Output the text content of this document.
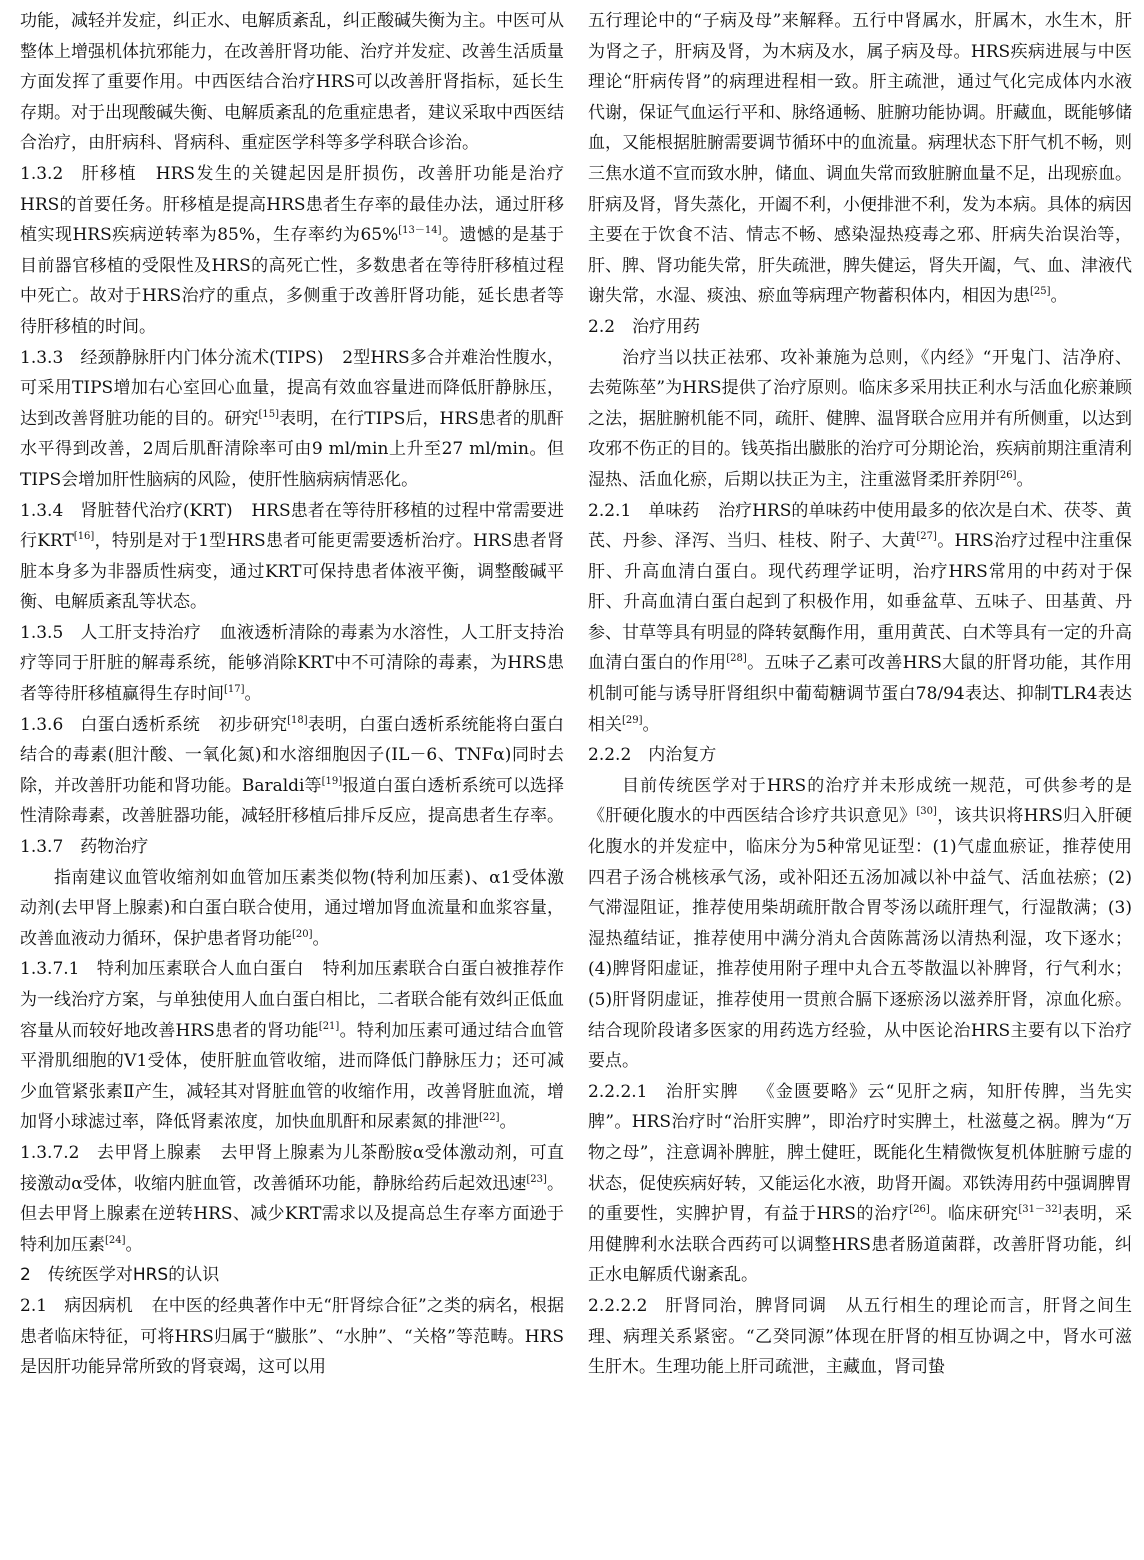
功能，减轻并发症，纠正水、电解质紊乱，纠正酸碱失衡为主。中医可从整体上增强机体抗邪能力，在改善肝肾功能、治疗并发症、改善生活质量方面发挥了重要作用。中西医结合治疗HRS可以改善肝肾指标，延长生存期。对于出现酸碱失衡、电解质紊乱的危重症患者，建议采取中西医结合治疗，由肝病科、肾病科、重症医学科等多学科联合诊治。

1.3.2 肝移植 HRS发生的关键起因是肝损伤，改善肝功能是治疗HRS的首要任务。肝移植是提高HRS患者生存率的最佳办法，通过肝移植实现HRS疾病逆转率为85%，生存率约为65%[13－14]。遗憾的是基于目前器官移植的受限性及HRS的高死亡性，多数患者在等待肝移植过程中死亡。故对于HRS治疗的重点，多侧重于改善肝肾功能，延长患者等待肝移植的时间。

1.3.3 经颈静脉肝内门体分流术(TIPS) 2型HRS多合并难治性腹水，可采用TIPS增加右心室回心血量，提高有效血容量进而降低肝静脉压，达到改善肾脏功能的目的。研究[15]表明，在行TIPS后，HRS患者的肌酐水平得到改善，2周后肌酐清除率可由9 ml/min上升至27 ml/min。但TIPS会增加肝性脑病的风险，使肝性脑病病情恶化。

1.3.4 肾脏替代治疗(KRT) HRS患者在等待肝移植的过程中常需要进行KRT[16]，特别是对于1型HRS患者可能更需要透析治疗。HRS患者肾脏本身多为非器质性病变，通过KRT可保持患者体液平衡，调整酸碱平衡、电解质紊乱等状态。

1.3.5 人工肝支持治疗 血液透析清除的毒素为水溶性，人工肝支持治疗等同于肝脏的解毒系统，能够消除KRT中不可清除的毒素，为HRS患者等待肝移植赢得生存时间[17]。

1.3.6 白蛋白透析系统 初步研究[18]表明，白蛋白透析系统能将白蛋白结合的毒素(胆汁酸、一氧化氮)和水溶细胞因子(IL－6、TNFα)同时去除，并改善肝功能和肾功能。Baraldi等[19]报道白蛋白透析系统可以选择性清除毒素，改善脏器功能，减轻肝移植后排斥反应，提高患者生存率。

1.3.7 药物治疗

指南建议血管收缩剂如血管加压素类似物(特利加压素)、α1受体激动剂(去甲肾上腺素)和白蛋白联合使用，通过增加肾血流量和血浆容量，改善血液动力循环，保护患者肾功能[20]。

1.3.7.1 特利加压素联合人血白蛋白 特利加压素联合白蛋白被推荐作为一线治疗方案，与单独使用人血白蛋白相比，二者联合能有效纠正低血容量从而较好地改善HRS患者的肾功能[21]。特利加压素可通过结合血管平滑肌细胞的V1受体，使肝脏血管收缩，进而降低门静脉压力；还可减少血管紧张素Ⅱ产生，减轻其对肾脏血管的收缩作用，改善肾脏血流，增加肾小球滤过率，降低肾素浓度，加快血肌酐和尿素氮的排泄[22]。

1.3.7.2 去甲肾上腺素 去甲肾上腺素为儿茶酚胺α受体激动剂，可直接激动α受体，收缩内脏血管，改善循环功能，静脉给药后起效迅速[23]。但去甲肾上腺素在逆转HRS、减少KRT需求以及提高总生存率方面逊于特利加压素[24]。

2　传统医学对HRS的认识

2.1 病因病机 在中医的经典著作中无“肝肾综合征”之类的病名，根据患者临床特征，可将HRS归属于“臌胀”、“水肿”、“关格”等范畴。HRS是因肝功能异常所致的肾衰竭，这可以用

五行理论中的“子病及母”来解释。五行中肾属水，肝属木，水生木，肝为肾之子，肝病及肾，为木病及水，属子病及母。HRS疾病进展与中医理论“肝病传肾”的病理进程相一致。肝主疏泄，通过气化完成体内水液代谢，保证气血运行平和、脉络通畅、脏腑功能协调。肝藏血，既能够储血，又能根据脏腑需要调节循环中的血流量。病理状态下肝气机不畅，则三焦水道不宣而致水肿，储血、调血失常而致脏腑血量不足，出现瘀血。肝病及肾，肾失蒸化，开阖不利，小便排泄不利，发为本病。具体的病因主要在于饮食不洁、情志不畅、感染湿热疫毒之邪、肝病失治误治等，肝、脾、肾功能失常，肝失疏泄，脾失健运，肾失开阖，气、血、津液代谢失常，水湿、痰浊、瘀血等病理产物蓄积体内，相因为患[25]。

2.2 治疗用药

治疗当以扶正祛邪、攻补兼施为总则，《内经》“开鬼门、洁净府、去菀陈莝”为HRS提供了治疗原则。临床多采用扶正利水与活血化瘀兼顾之法，据脏腑机能不同，疏肝、健脾、温肾联合应用并有所侧重，以达到攻邪不伤正的目的。钱英指出臌胀的治疗可分期论治，疾病前期注重清利湿热、活血化瘀，后期以扶正为主，注重滋肾柔肝养阴[26]。

2.2.1 单味药 治疗HRS的单味药中使用最多的依次是白术、茯苓、黄芪、丹参、泽泻、当归、桂枝、附子、大黄[27]。HRS治疗过程中注重保肝、升高血清白蛋白。现代药理学证明，治疗HRS常用的中药对于保肝、升高血清白蛋白起到了积极作用，如垂盆草、五味子、田基黄、丹参、甘草等具有明显的降转氨酶作用，重用黄芪、白术等具有一定的升高血清白蛋白的作用[28]。五味子乙素可改善HRS大鼠的肝肾功能，其作用机制可能与诱导肝肾组织中葡萄糖调节蛋白78/94表达、抑制TLR4表达相关[29]。

2.2.2 内治复方

目前传统医学对于HRS的治疗并未形成统一规范，可供参考的是《肝硬化腹水的中西医结合诊疗共识意见》[30]，该共识将HRS归入肝硬化腹水的并发症中，临床分为5种常见证型：(1)气虚血瘀证，推荐使用四君子汤合桃核承气汤，或补阳还五汤加减以补中益气、活血祛瘀；(2)气滞湿阻证，推荐使用柴胡疏肝散合胃苓汤以疏肝理气，行湿散满；(3)湿热蕴结证，推荐使用中满分消丸合茵陈蒿汤以清热利湿，攻下逐水；(4)脾肾阳虚证，推荐使用附子理中丸合五苓散温以补脾肾，行气利水；(5)肝肾阴虚证，推荐使用一贯煎合膈下逐瘀汤以滋养肝肾，凉血化瘀。结合现阶段诸多医家的用药选方经验，从中医论治HRS主要有以下治疗要点。

2.2.2.1 治肝实脾 《金匮要略》云“见肝之病，知肝传脾，当先实脾”。HRS治疗时“治肝实脾”，即治疗时实脾土，杜滋蔓之祸。脾为“万物之母”，注意调补脾脏，脾土健旺，既能化生精微恢复机体脏腑亏虚的状态，促使疾病好转，又能运化水液，助肾开阖。邓铁涛用药中强调脾胃的重要性，实脾护胃，有益于HRS的治疗[26]。临床研究[31－32]表明，采用健脾利水法联合西药可以调整HRS患者肠道菌群，改善肝肾功能，纠正水电解质代谢紊乱。

2.2.2.2 肝肾同治，脾肾同调 从五行相生的理论而言，肝肾之间生理、病理关系紧密。“乙癸同源”体现在肝肾的相互协调之中，肾水可滋生肝木。生理功能上肝司疏泄，主藏血，肾司蛰
